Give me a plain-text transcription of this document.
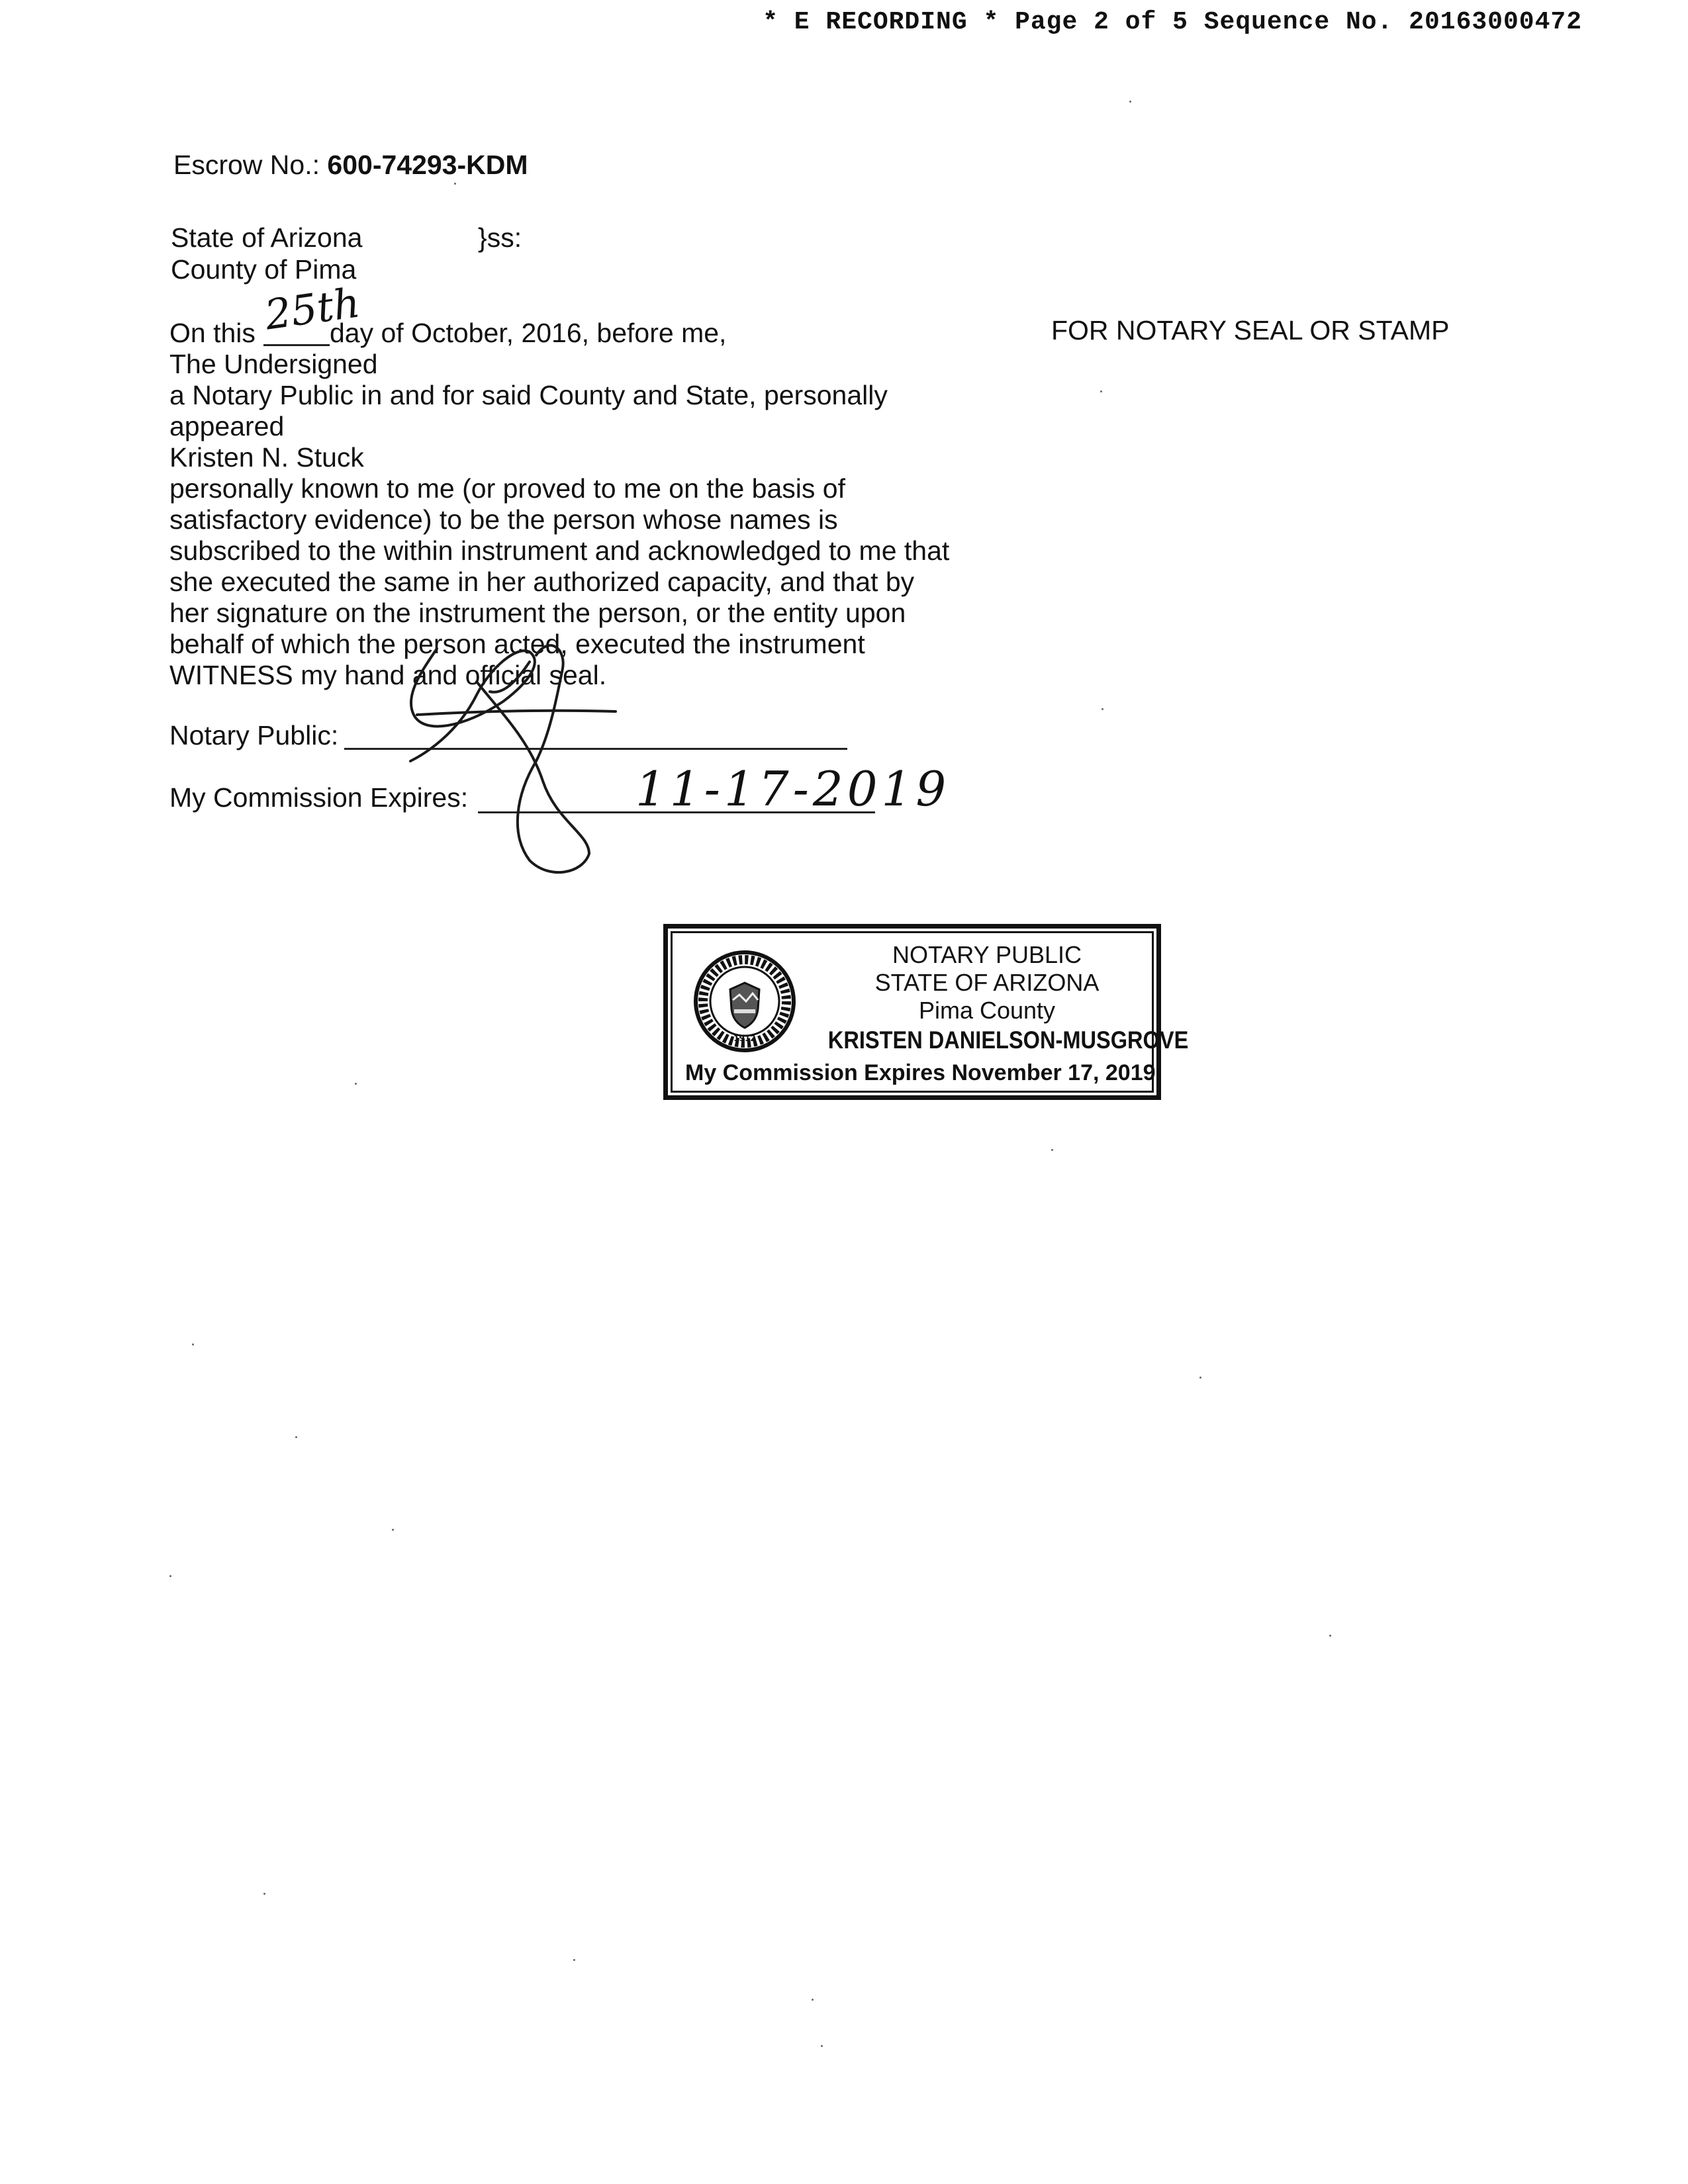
* E RECORDING * Page 2 of 5 Sequence No. 20163000472
Escrow No.: 600-74293-KDM
State of Arizona	}ss:
County of Pima
FOR NOTARY SEAL OR STAMP
On this	day of October, 2016, before me,
The Undersigned
a Notary Public in and for said County and State, personally
appeared
Kristen N. Stuck
personally known to me (or proved to me on the basis of
satisfactory evidence) to be the person whose names is
subscribed to the within instrument and acknowledged to me that
she executed the same in her authorized capacity, and that by
her signature on the instrument the person, or the entity upon
behalf of which the person acted, executed the instrument
WITNESS my hand and official seal.
Notary Public:
My Commission Expires:
25th
11-17-2019
1912
NOTARY PUBLIC
STATE OF ARIZONA
Pima County
KRISTEN DANIELSON-MUSGROVE
My Commission Expires November 17, 2019
